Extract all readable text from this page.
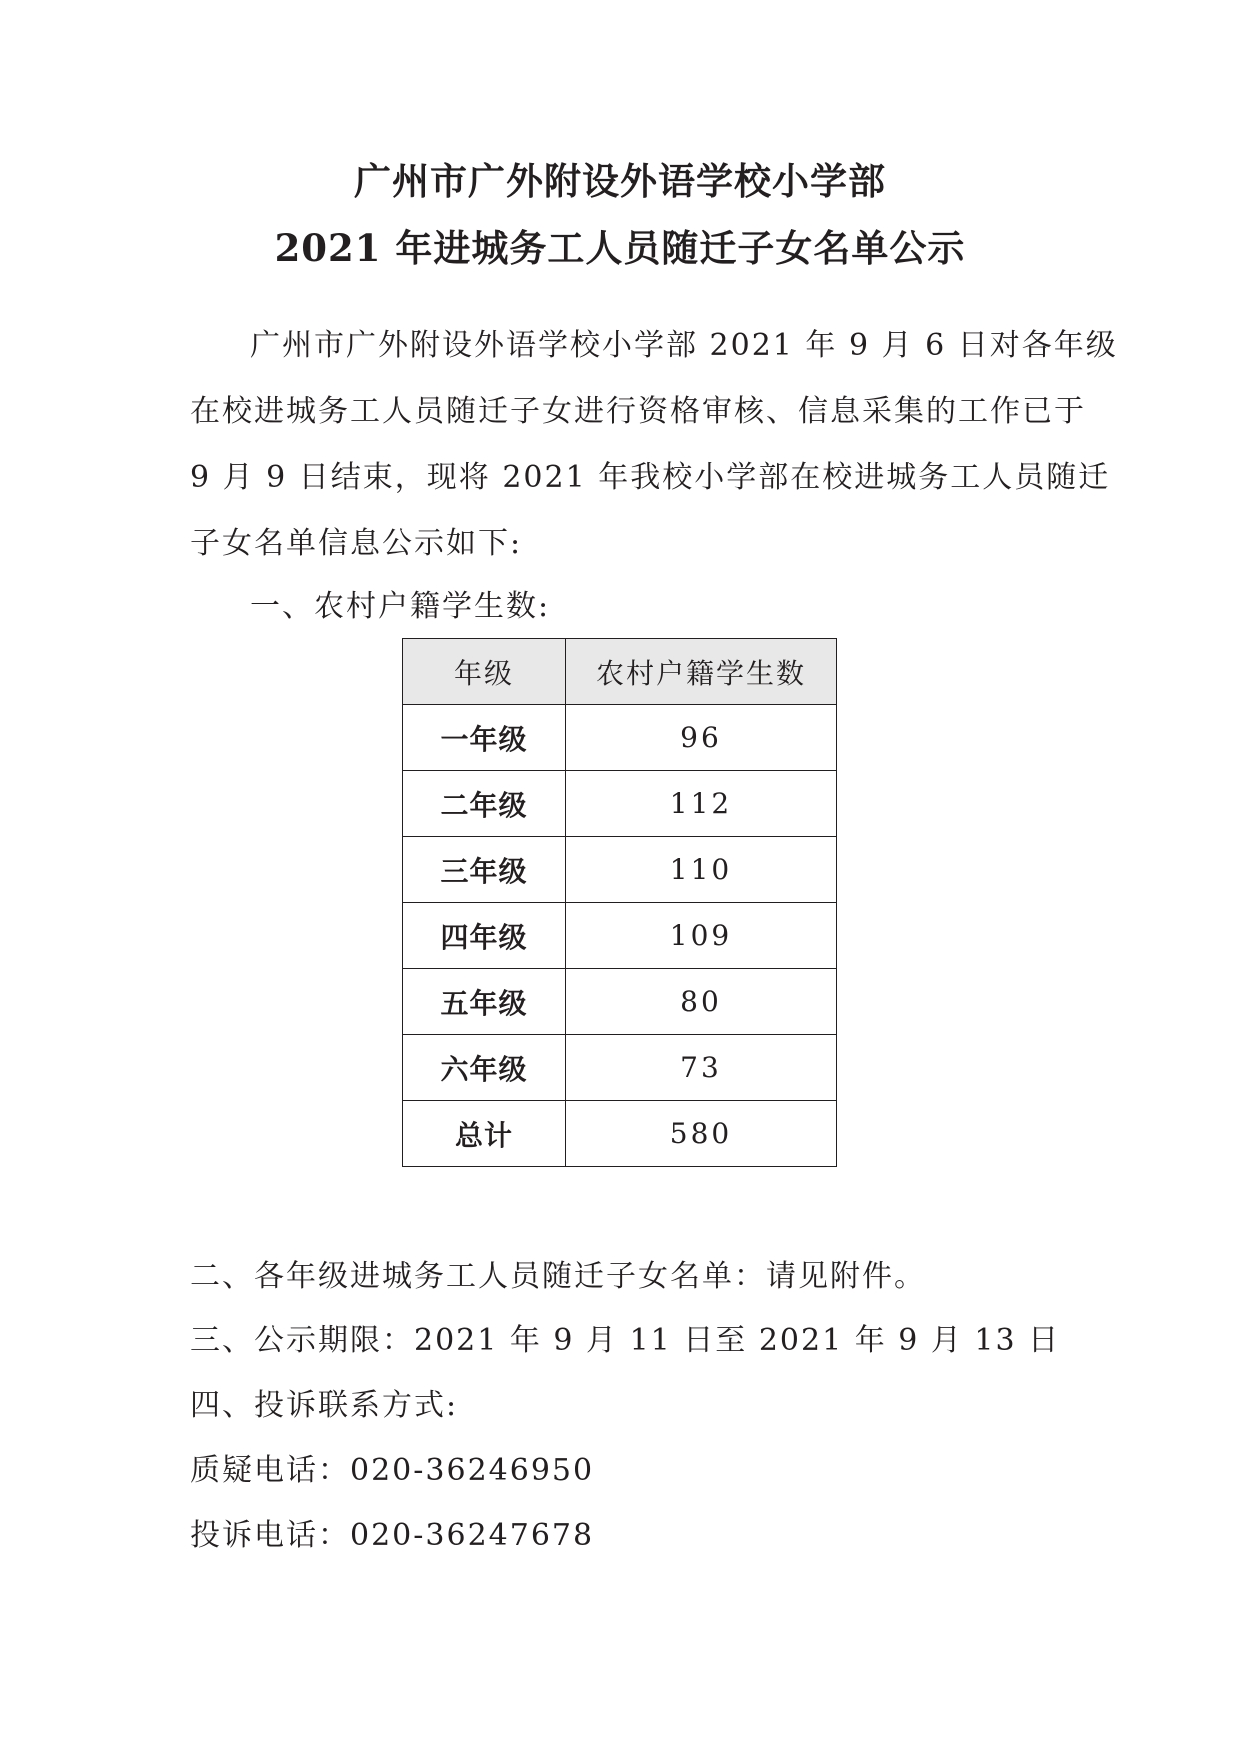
广州市广外附设外语学校小学部
2021 年进城务工人员随迁子女名单公示
广州市广外附设外语学校小学部 2021 年 9 月 6 日对各年级
在校进城务工人员随迁子女进行资格审核、信息采集的工作已于
9 月 9 日结束，现将 2021 年我校小学部在校进城务工人员随迁
子女名单信息公示如下:
一、农村户籍学生数:
年级	农村户籍学生数
一年级	96
二年级	112
三年级	110
四年级	109
五年级	80
六年级	73
总计	580
二、各年级进城务工人员随迁子女名单：请见附件。
三、公示期限：2021 年 9 月 11 日至 2021 年 9 月 13 日
四、投诉联系方式:
质疑电话：020-36246950
投诉电话：020-36247678
